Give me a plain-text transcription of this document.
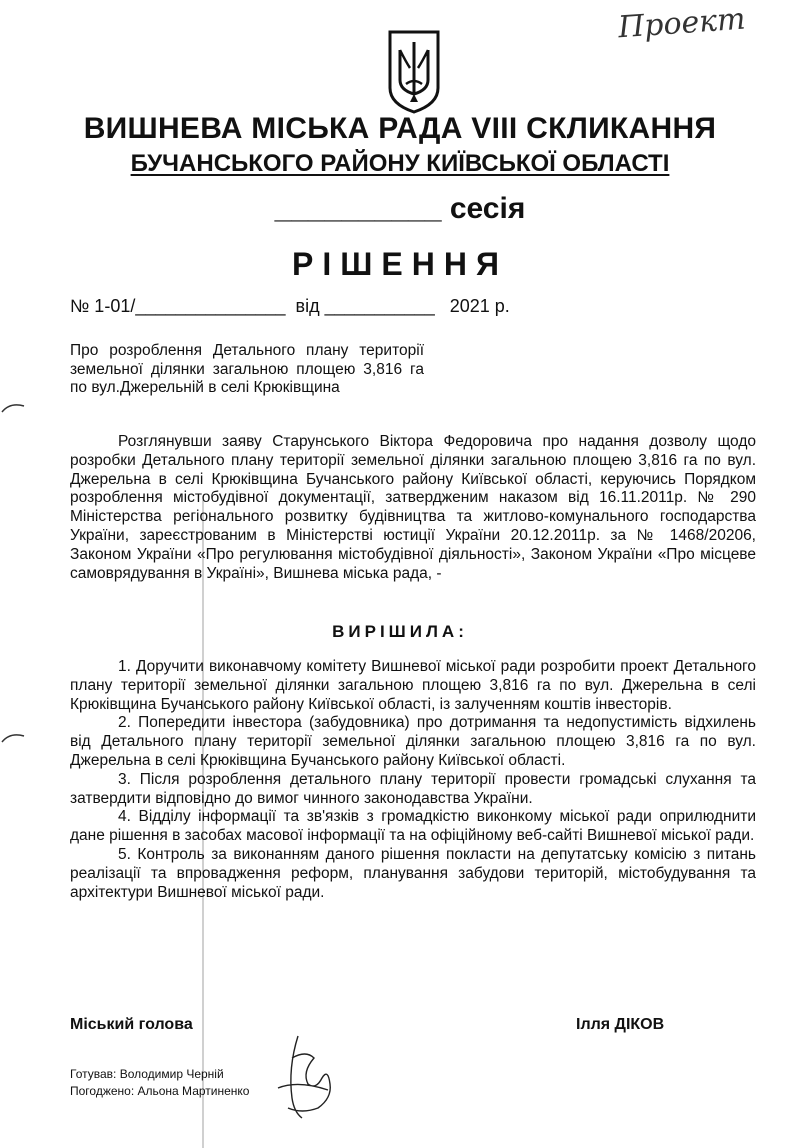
Проект
ВИШНЕВА МІСЬКА РАДА VIII СКЛИКАННЯ
БУЧАНСЬКОГО РАЙОНУ КИЇВСЬКОЇ ОБЛАСТІ
__________ сесія
РІШЕННЯ
№ 1-01/_______________ від ___________ 2021 р.
Про розроблення Детального плану території земельної ділянки загальною площею 3,816 га по вул.Джерельній в селі Крюківщина
Розглянувши заяву Старунського Віктора Федоровича про надання дозволу щодо розробки Детального плану території земельної ділянки загальною площею 3,816 га по вул. Джерельна в селі Крюківщина Бучанського району Київської області, керуючись Порядком розроблення містобудівної документації, затвердженим наказом від 16.11.2011р. № 290 Міністерства регіонального розвитку будівництва та житлово-комунального господарства України, зареєстрованим в Міністерстві юстиції України 20.12.2011р. за № 1468/20206, Законом України «Про регулювання містобудівної діяльності», Законом України «Про місцеве самоврядування в Україні», Вишнева міська рада, -
ВИРІШИЛА:

1. Доручити виконавчому комітету Вишневої міської ради розробити проект Детального плану території земельної ділянки загальною площею 3,816 га по вул. Джерельна в селі Крюківщина Бучанського району Київської області, із залученням коштів інвесторів.

2. Попередити інвестора (забудовника) про дотримання та недопустимість відхилень від Детального плану території земельної ділянки загальною площею 3,816 га по вул. Джерельна в селі Крюківщина Бучанського району Київської області.

3. Після розроблення детального плану території провести громадські слухання та затвердити відповідно до вимог чинного законодавства України.

4. Відділу інформації та зв'язків з громадкістю виконкому міської ради оприлюднити дане рішення в засобах масової інформації та на офіційному веб-сайті Вишневої міської ради.

5. Контроль за виконанням даного рішення покласти на депутатську комісію з питань реалізації та впровадження реформ, планування забудови територій, містобудування та архітектури Вишневої міської ради.

Міський голова	Ілля ДІКОВ
Готував: Володимир Черній
Погоджено: Альона Мартиненко
